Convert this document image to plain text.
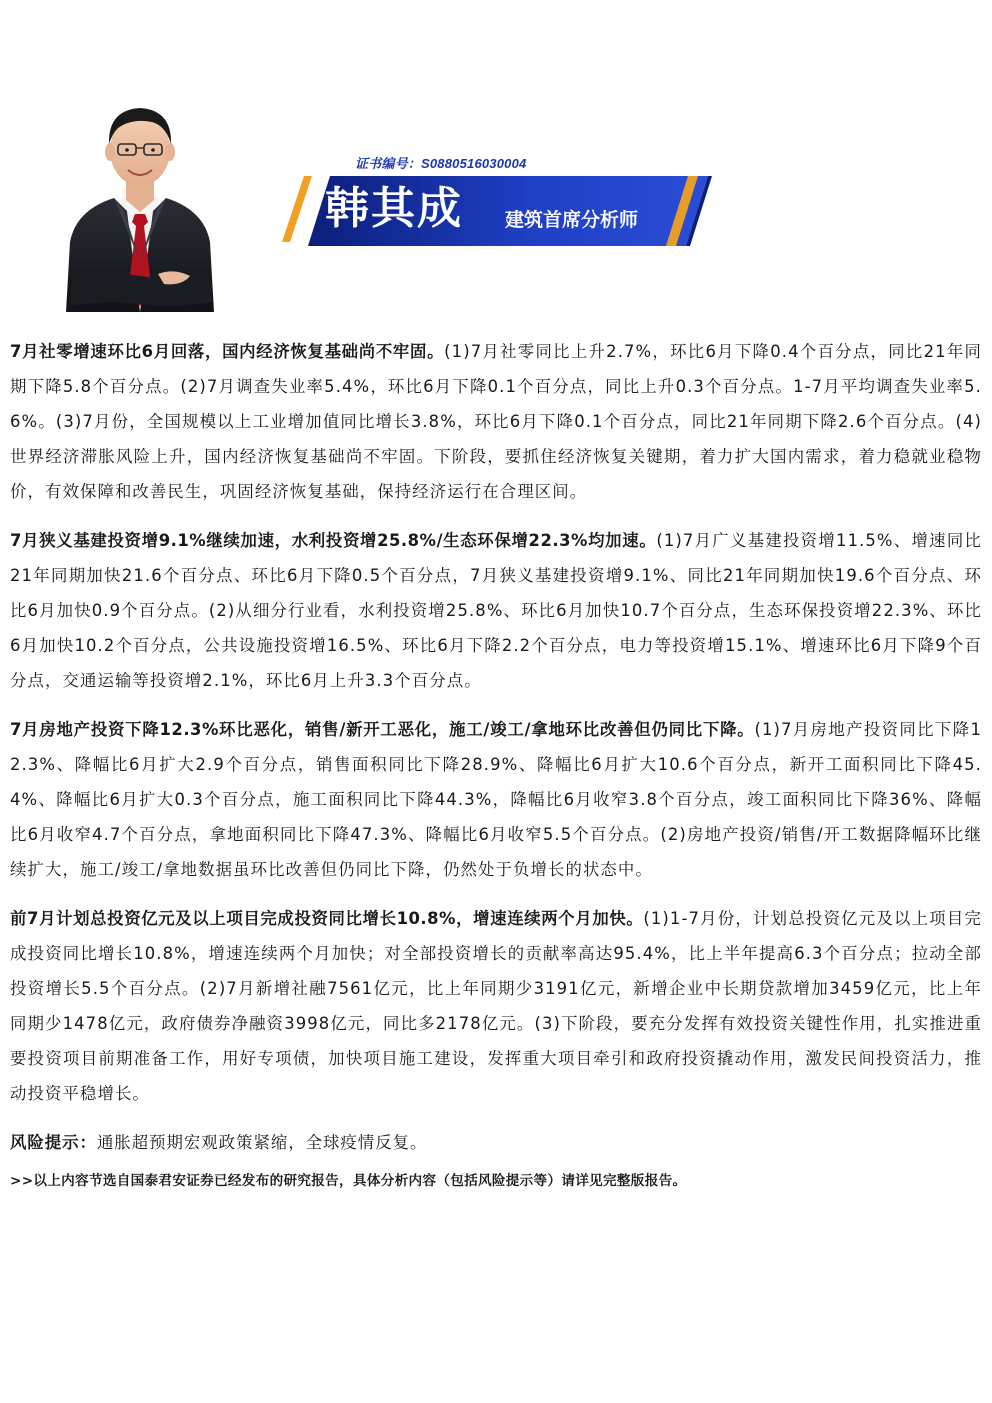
证书编号：S0880516030004
韩其成 建筑首席分析师

7月社零增速环比6月回落，国内经济恢复基础尚不牢固。(1)7月社零同比上升2.7%，环比6月下降0.4个百分点，同比21年同期下降5.8个百分点。(2)7月调查失业率5.4%，环比6月下降0.1个百分点，同比上升0.3个百分点。1-7月平均调查失业率5.6%。(3)7月份，全国规模以上工业增加值同比增长3.8%，环比6月下降0.1个百分点，同比21年同期下降2.6个百分点。(4)世界经济滞胀风险上升，国内经济恢复基础尚不牢固。下阶段，要抓住经济恢复关键期，着力扩大国内需求，着力稳就业稳物价，有效保障和改善民生，巩固经济恢复基础，保持经济运行在合理区间。

7月狭义基建投资增9.1%继续加速，水利投资增25.8%/生态环保增22.3%均加速。(1)7月广义基建投资增11.5%、增速同比21年同期加快21.6个百分点、环比6月下降0.5个百分点，7月狭义基建投资增9.1%、同比21年同期加快19.6个百分点、环比6月加快0.9个百分点。(2)从细分行业看，水利投资增25.8%、环比6月加快10.7个百分点，生态环保投资增22.3%、环比6月加快10.2个百分点，公共设施投资增16.5%、环比6月下降2.2个百分点，电力等投资增15.1%、增速环比6月下降9个百分点，交通运输等投资增2.1%，环比6月上升3.3个百分点。

7月房地产投资下降12.3%环比恶化，销售/新开工恶化，施工/竣工/拿地环比改善但仍同比下降。(1)7月房地产投资同比下降12.3%、降幅比6月扩大2.9个百分点，销售面积同比下降28.9%、降幅比6月扩大10.6个百分点，新开工面积同比下降45.4%、降幅比6月扩大0.3个百分点，施工面积同比下降44.3%，降幅比6月收窄3.8个百分点，竣工面积同比下降36%、降幅比6月收窄4.7个百分点，拿地面积同比下降47.3%、降幅比6月收窄5.5个百分点。(2)房地产投资/销售/开工数据降幅环比继续扩大，施工/竣工/拿地数据虽环比改善但仍同比下降，仍然处于负增长的状态中。

前7月计划总投资亿元及以上项目完成投资同比增长10.8%，增速连续两个月加快。(1)1-7月份，计划总投资亿元及以上项目完成投资同比增长10.8%，增速连续两个月加快；对全部投资增长的贡献率高达95.4%，比上半年提高6.3个百分点；拉动全部投资增长5.5个百分点。(2)7月新增社融7561亿元，比上年同期少3191亿元，新增企业中长期贷款增加3459亿元，比上年同期少1478亿元，政府债券净融资3998亿元，同比多2178亿元。(3)下阶段，要充分发挥有效投资关键性作用，扎实推进重要投资项目前期准备工作，用好专项债，加快项目施工建设，发挥重大项目牵引和政府投资撬动作用，激发民间投资活力，推动投资平稳增长。

风险提示：通胀超预期宏观政策紧缩，全球疫情反复。

>>以上内容节选自国泰君安证券已经发布的研究报告，具体分析内容（包括风险提示等）请详见完整版报告。
